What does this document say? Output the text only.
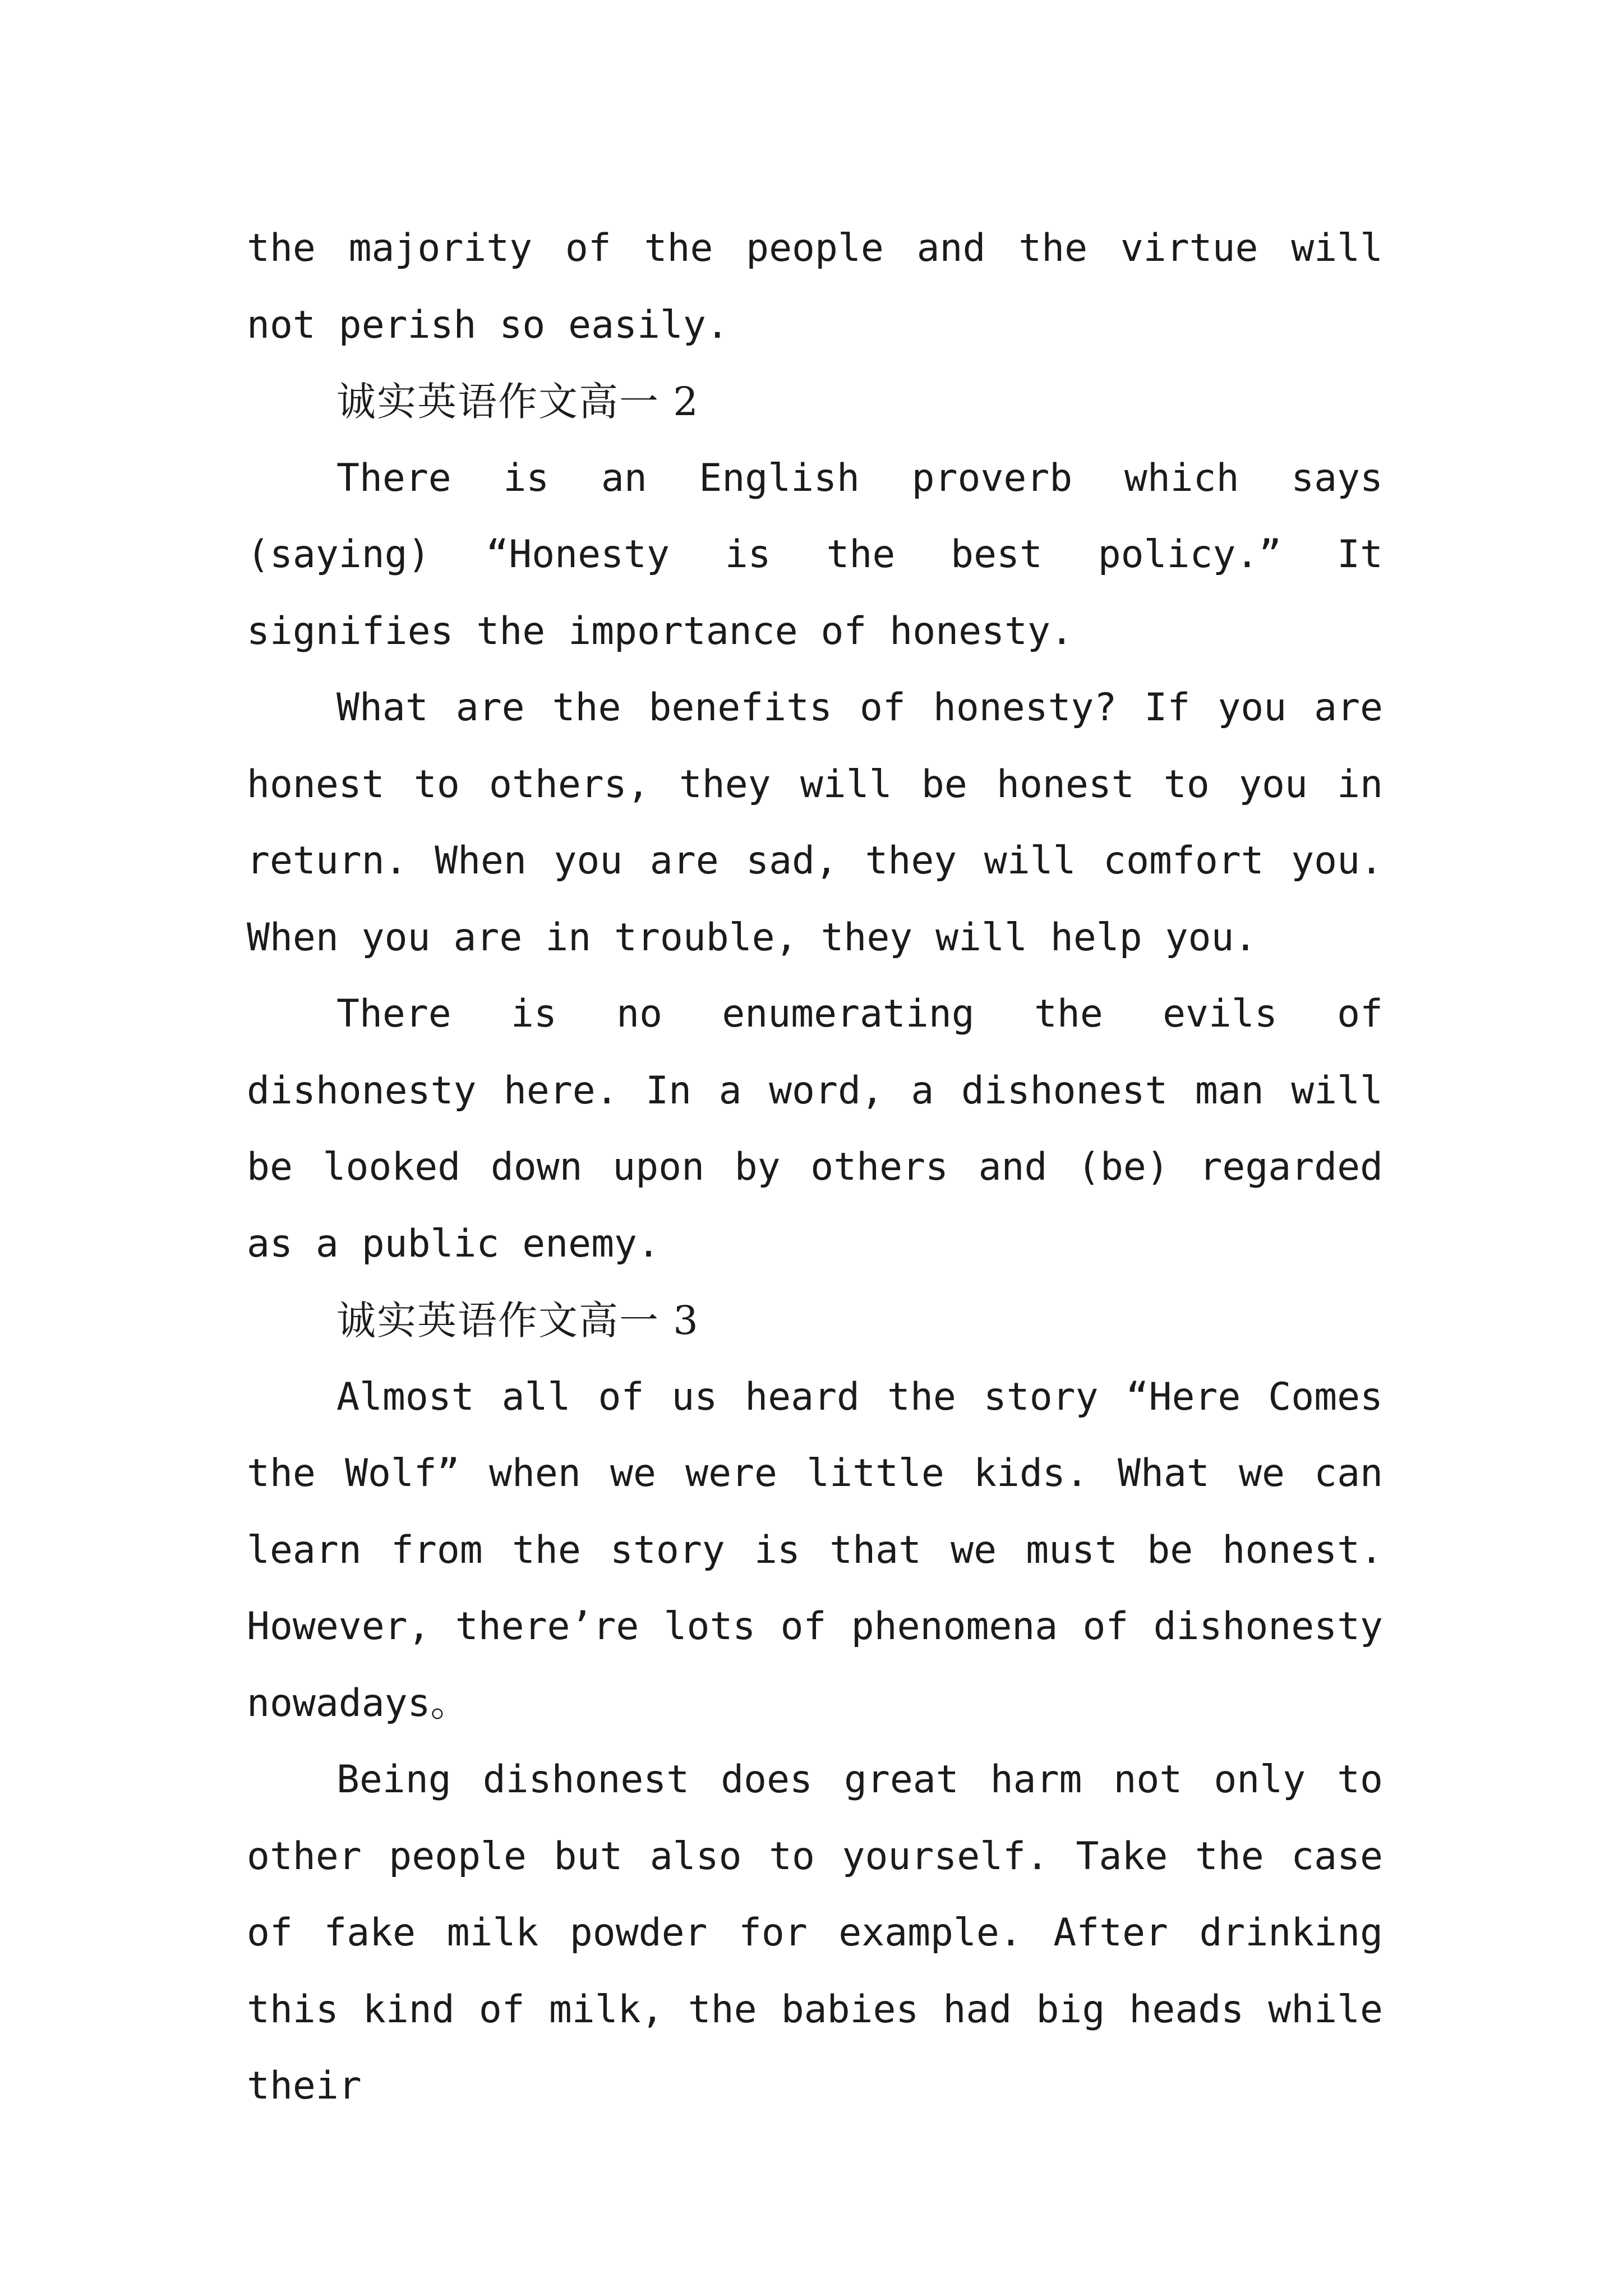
the majority of the people and the virtue will not perish so easily.

诚实英语作文高一 2

There is an English proverb which says (saying) “Honesty is the best policy.” It signifies the importance of honesty.

What are the benefits of honesty? If you are honest to others, they will be honest to you in return. When you are sad, they will comfort you. When you are in trouble, they will help you.

There is no enumerating the evils of dishonesty here. In a word, a dishonest man will be looked down upon by others and (be) regarded as a public enemy.

诚实英语作文高一 3

Almost all of us heard the story “Here Comes the Wolf” when we were little kids. What we can learn from the story is that we must be honest. However, there’re lots of phenomena of dishonesty nowadays。

Being dishonest does great harm not only to other people but also to yourself. Take the case of fake milk powder for example. After drinking this kind of milk, the babies had big heads while their
